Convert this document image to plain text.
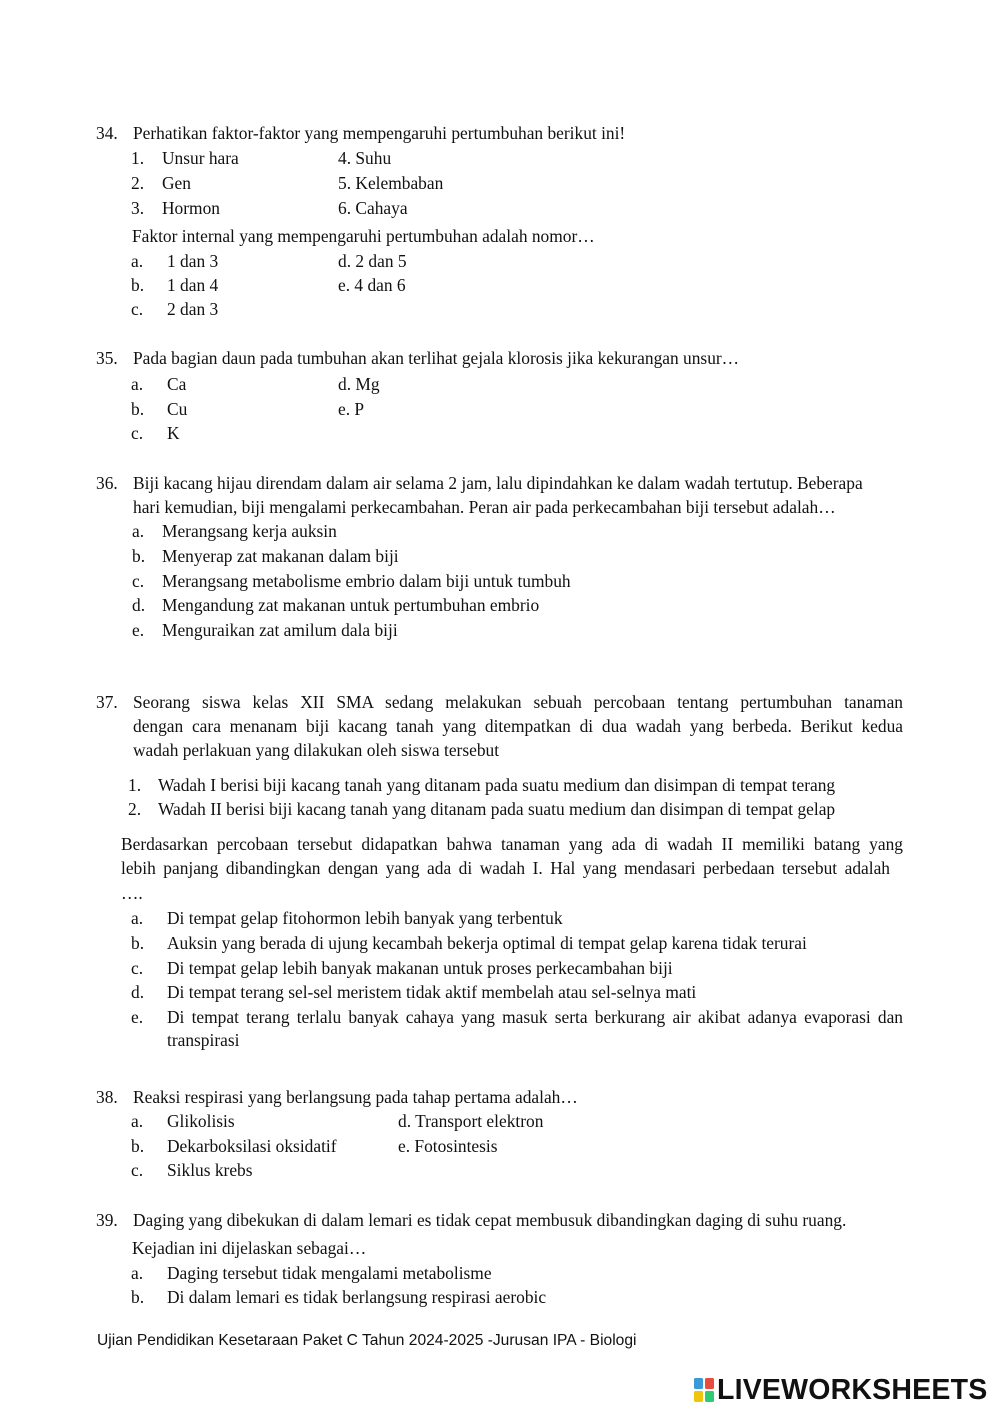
34. Perhatikan faktor-faktor yang mempengaruhi pertumbuhan berikut ini!
1. Unsur hara
2. Gen
3. Hormon
4. Suhu
5. Kelembaban
6. Cahaya
Faktor internal yang mempengaruhi pertumbuhan adalah nomor…
a. 1 dan 3
b. 1 dan 4
c. 2 dan 3
d. 2 dan 5
e. 4 dan 6
35. Pada bagian daun pada tumbuhan akan terlihat gejala klorosis jika kekurangan unsur…
a. Ca
b. Cu
c. K
d. Mg
e. P
36. Biji kacang hijau direndam dalam air selama 2 jam, lalu dipindahkan ke dalam wadah tertutup. Beberapa
hari kemudian, biji mengalami perkecambahan. Peran air pada perkecambahan biji tersebut adalah…
a. Merangsang kerja auksin
b. Menyerap zat makanan dalam biji
c. Merangsang metabolisme embrio dalam biji untuk tumbuh
d. Mengandung zat makanan untuk pertumbuhan embrio
e. Menguraikan zat amilum dala biji
37. Seorang siswa kelas XII SMA sedang melakukan sebuah percobaan tentang pertumbuhan tanaman
dengan cara menanam biji kacang tanah yang ditempatkan di dua wadah yang berbeda. Berikut kedua
wadah perlakuan yang dilakukan oleh siswa tersebut
1. Wadah I berisi biji kacang tanah yang ditanam pada suatu medium dan disimpan di tempat terang
2. Wadah II berisi biji kacang tanah yang ditanam pada suatu medium dan disimpan di tempat gelap
Berdasarkan percobaan tersebut didapatkan bahwa tanaman yang ada di wadah II memiliki batang yang
lebih panjang dibandingkan dengan yang ada di wadah I. Hal yang mendasari perbedaan tersebut adalah
….
a. Di tempat gelap fitohormon lebih banyak yang terbentuk
b. Auksin yang berada di ujung kecambah bekerja optimal di tempat gelap karena tidak terurai
c. Di tempat gelap lebih banyak makanan untuk proses perkecambahan biji
d. Di tempat terang sel-sel meristem tidak aktif membelah atau sel-selnya mati
e. Di tempat terang terlalu banyak cahaya yang masuk serta berkurang air akibat adanya evaporasi dan
transpirasi
38. Reaksi respirasi yang berlangsung pada tahap pertama adalah…
a. Glikolisis
b. Dekarboksilasi oksidatif
c. Siklus krebs
d. Transport elektron
e. Fotosintesis
39. Daging yang dibekukan di dalam lemari es tidak cepat membusuk dibandingkan daging di suhu ruang.
Kejadian ini dijelaskan sebagai…
a. Daging tersebut tidak mengalami metabolisme
b. Di dalam lemari es tidak berlangsung respirasi aerobic
Ujian Pendidikan Kesetaraan Paket C Tahun 2024-2025 -Jurusan IPA - Biologi
LIVEWORKSHEETS
